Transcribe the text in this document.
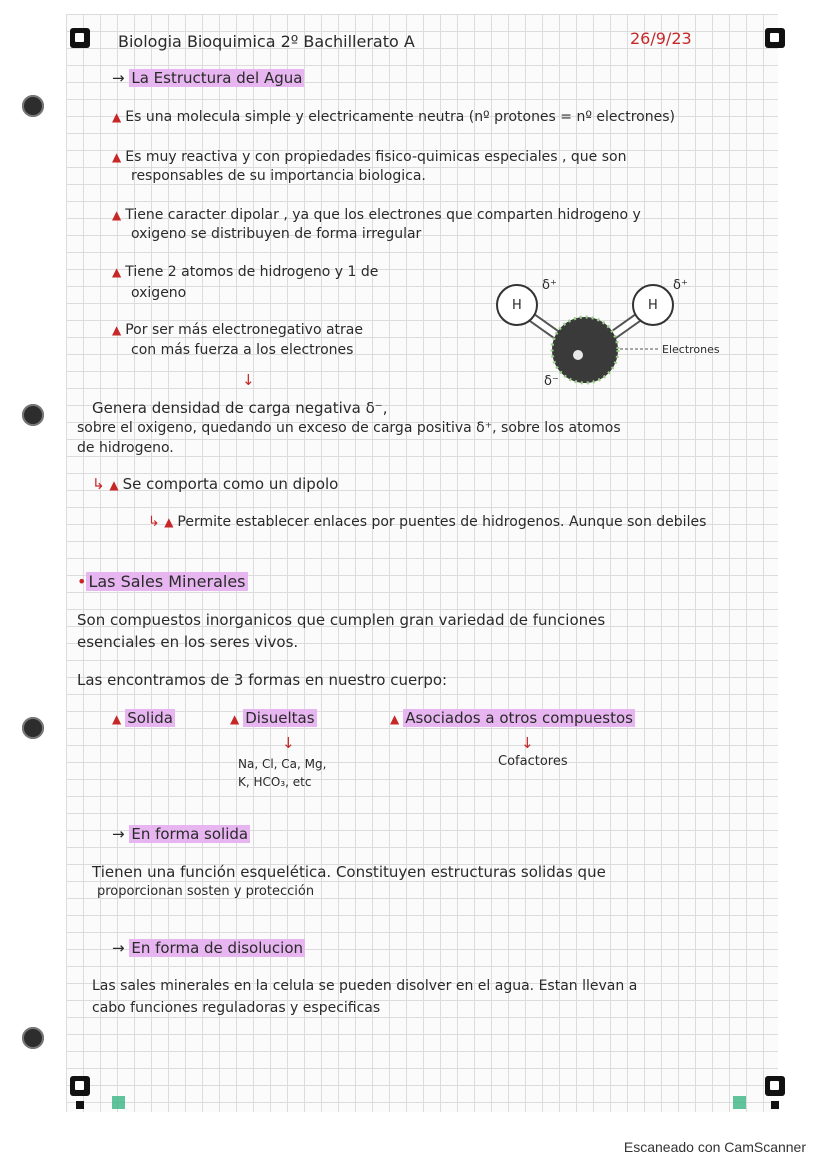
Biologia Bioquimica 2º Bachillerato A	26/9/23
→ La Estructura del Agua
▲ Es una molecula simple y electricamente neutra (nº protones = nº electrones)
▲ Es muy reactiva y con propiedades fisico-quimicas especiales , que son
responsables de su importancia biologica.
▲ Tiene caracter dipolar , ya que los electrones que comparten hidrogeno y
oxigeno se distribuyen de forma irregular
▲ Tiene 2 atomos de hidrogeno y 1 de
oxigeno
▲ Por ser más electronegativo atrae
con más fuerza a los electrones
↓
H	H
δ⁺	δ⁺
δ⁻
Electrones
Genera densidad de carga negativa δ⁻,
sobre el oxigeno, quedando un exceso de carga positiva δ⁺, sobre los atomos
de hidrogeno.
↳ ▲ Se comporta como un dipolo
↳ ▲ Permite establecer enlaces por puentes de hidrogenos. Aunque son debiles
• Las Sales Minerales
Son compuestos inorganicos que cumplen gran variedad de funciones
esenciales en los seres vivos.
Las encontramos de 3 formas en nuestro cuerpo:
▲ Solida	▲ Disueltas	▲ Asociados a otros compuestos
↓	↓
Na, Cl, Ca, Mg,
K, HCO₃, etc
Cofactores
→ En forma solida
Tienen una función esquelética. Constituyen estructuras solidas que
proporcionan sosten y protección
→ En forma de disolucion
Las sales minerales en la celula se pueden disolver en el agua. Estan llevan a
cabo funciones reguladoras y especificas
Escaneado con CamScanner
